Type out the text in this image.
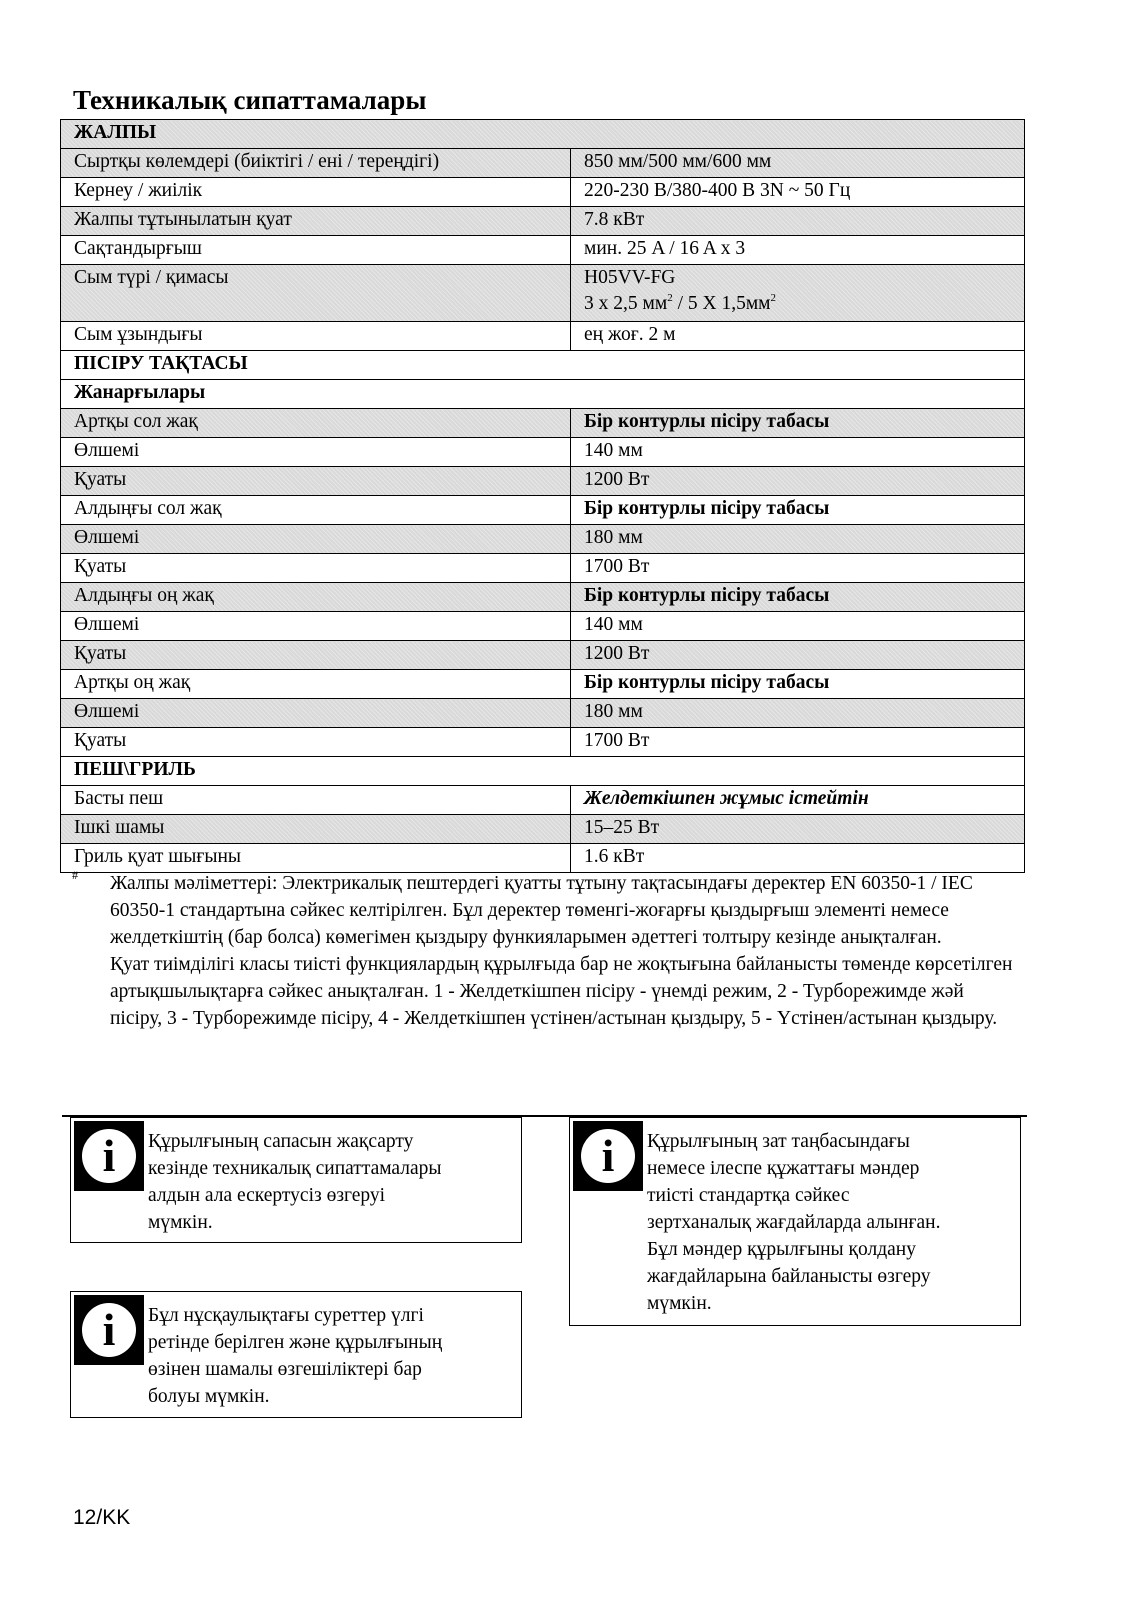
Техникалық сипаттамалары
ЖАЛПЫ	
Сыртқы көлемдері (биіктігі / ені / тереңдігі)	850 мм/500 мм/600 мм
Кернеу / жиілік	220-230 В/380-400 В 3N ~ 50 Гц
Жалпы тұтынылатын қуат	7.8 кВт
Сақтандырғыш	мин. 25 A / 16 A x 3
Сым түрі / қимасы	H05VV-FG
3 x 2,5 $мм^2 / 5$ X $1,5мм^2$

Сым ұзындығы	ең жоғ. 2 м
ПІСІРУ ТАҚТАСЫ	
Жанарғылары	
Артқы сол жақ	Бір контурлы пісіру табасы
Өлшемі	140 мм
Қуаты	1200 Вт
Алдыңғы сол жақ	Бір контурлы пісіру табасы
Өлшемі	180 мм
Қуаты	1700 Вт
Алдыңғы оң жақ	Бір контурлы пісіру табасы
Өлшемі	140 мм
Қуаты	1200 Вт
Артқы оң жақ	Бір контурлы пісіру табасы
Өлшемі	180 мм
Қуаты	1700 Вт
ПЕШ\ГРИЛЬ	
Басты пеш	Желдеткішпен жұмыс істейтін
Ішкі шамы	15–25 Вт
Гриль қуат шығыны	1.6 кВт
# Жалпы мәліметтері: Электрикалық пештердегі қуатты тұтыну тақтасындағы деректер EN 60350-1 / IEC 60350-1 стандартына сәйкес келтірілген. Бұл деректер төменгі-жоғарғы қыздырғыш элементі немесе желдеткіштің (бар болса) көмегімен қыздыру функияларымен әдеттегі толтыру кезінде анықталған.

Қуат тиімділігі класы тиісті функциялардың құрылғыда бар не жоқтығына байланысты төменде көрсетілген артықшылықтарға сәйкес анықталған. 1 - Желдеткішпен пісіру - үнемді режим, 2 - Турборежимде жәй пісіру, 3 - Турборежимде пісіру, 4 - Желдеткішпен үстінен/астынан қыздыру, 5 - Үстінен/астынан қыздыру.

i	Құрылғының сапасын жақсарту
кезінде техникалық сипаттамалары
алдын ала ескертусіз өзгеруі
мүмкін.
i	Құрылғының зат таңбасындағы
немесе ілеспе құжаттағы мәндер
тиісті стандартқа сәйкес
зертханалық жағдайларда алынған.
Бұл мәндер құрылғыны қолдану
жағдайларына байланысты өзгеру
мүмкін.
i	Бұл нұсқаулықтағы суреттер үлгі
ретінде берілген және құрылғының
өзінен шамалы өзгешіліктері бар
болуы мүмкін.
12/KK
